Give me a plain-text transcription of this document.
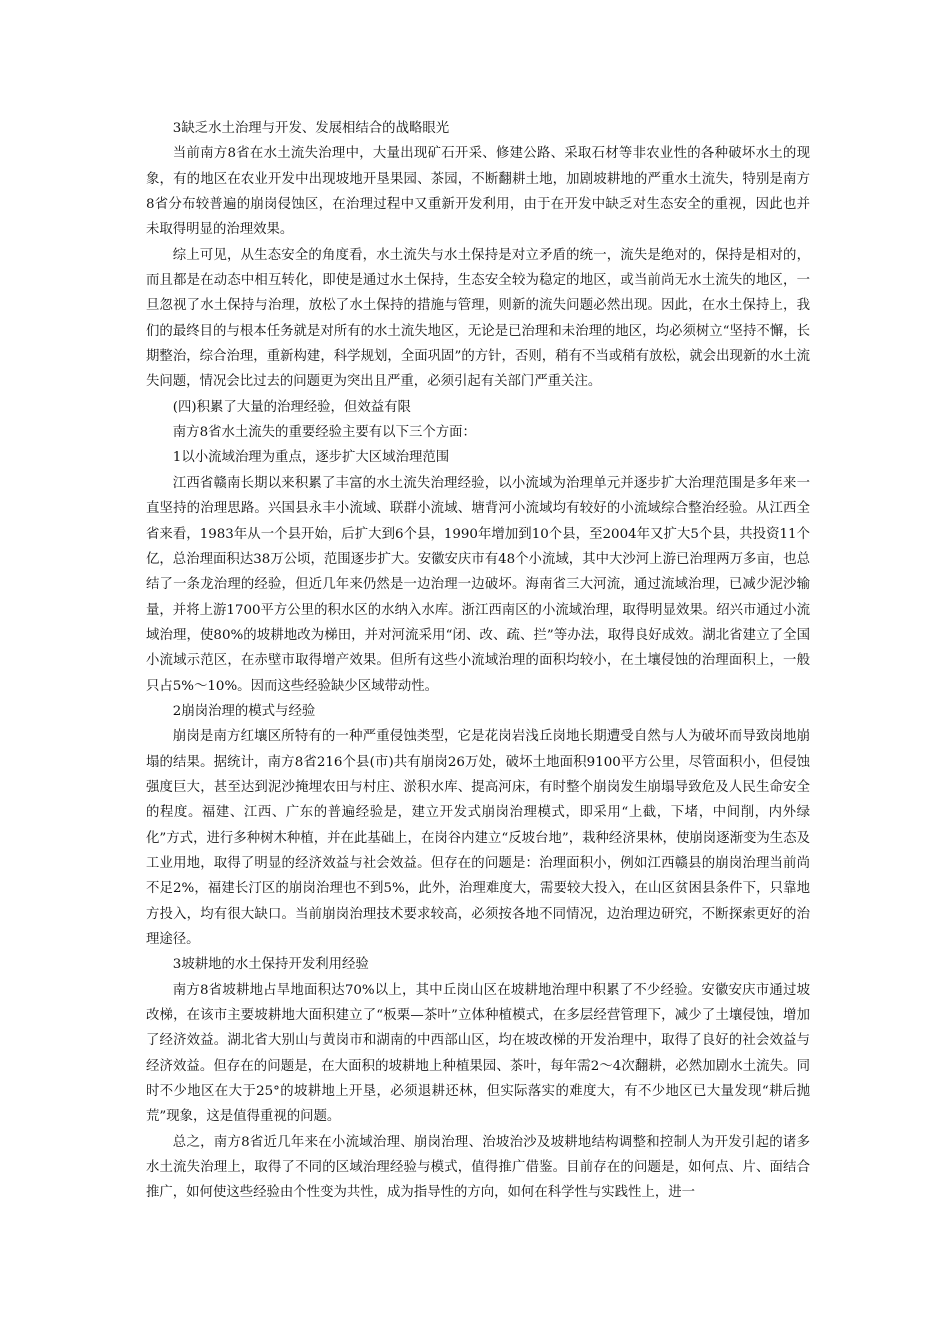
3缺乏水土治理与开发、发展相结合的战略眼光

当前南方8省在水土流失治理中，大量出现矿石开采、修建公路、采取石材等非农业性的各种破坏水土的现象，有的地区在农业开发中出现坡地开垦果园、茶园，不断翻耕土地，加剧坡耕地的严重水土流失，特别是南方8省分布较普遍的崩岗侵蚀区，在治理过程中又重新开发利用，由于在开发中缺乏对生态安全的重视，因此也并未取得明显的治理效果。

综上可见，从生态安全的角度看，水土流失与水土保持是对立矛盾的统一，流失是绝对的，保持是相对的，而且都是在动态中相互转化，即使是通过水土保持，生态安全较为稳定的地区，或当前尚无水土流失的地区，一旦忽视了水土保持与治理，放松了水土保持的措施与管理，则新的流失问题必然出现。因此，在水土保持上，我们的最终目的与根本任务就是对所有的水土流失地区，无论是已治理和未治理的地区，均必须树立“坚持不懈，长期整治，综合治理，重新构建，科学规划，全面巩固”的方针，否则，稍有不当或稍有放松，就会出现新的水土流失问题，情况会比过去的问题更为突出且严重，必须引起有关部门严重关注。

(四)积累了大量的治理经验，但效益有限

南方8省水土流失的重要经验主要有以下三个方面：

1以小流域治理为重点，逐步扩大区域治理范围

江西省赣南长期以来积累了丰富的水土流失治理经验，以小流域为治理单元并逐步扩大治理范围是多年来一直坚持的治理思路。兴国县永丰小流域、联群小流域、塘背河小流域均有较好的小流域综合整治经验。从江西全省来看，1983年从一个县开始，后扩大到6个县，1990年增加到10个县，至2004年又扩大5个县，共投资11个亿，总治理面积达38万公顷，范围逐步扩大。安徽安庆市有48个小流域，其中大沙河上游已治理两万多亩，也总结了一条龙治理的经验，但近几年来仍然是一边治理一边破坏。海南省三大河流，通过流域治理，已减少泥沙输量，并将上游1700平方公里的积水区的水纳入水库。浙江西南区的小流域治理，取得明显效果。绍兴市通过小流域治理，使80%的坡耕地改为梯田，并对河流采用“闭、改、疏、拦”等办法，取得良好成效。湖北省建立了全国小流域示范区，在赤壁市取得增产效果。但所有这些小流域治理的面积均较小，在土壤侵蚀的治理面积上，一般只占5%～10%。因而这些经验缺少区域带动性。

2崩岗治理的模式与经验

崩岗是南方红壤区所特有的一种严重侵蚀类型，它是花岗岩浅丘岗地长期遭受自然与人为破坏而导致岗地崩塌的结果。据统计，南方8省216个县(市)共有崩岗26万处，破坏土地面积9100平方公里，尽管面积小，但侵蚀强度巨大，甚至达到泥沙掩埋农田与村庄、淤积水库、提高河床，有时整个崩岗发生崩塌导致危及人民生命安全的程度。福建、江西、广东的普遍经验是，建立开发式崩岗治理模式，即采用“上截，下堵，中间削，内外绿化”方式，进行多种树木种植，并在此基础上，在岗谷内建立“反坡台地”，栽种经济果林，使崩岗逐渐变为生态及工业用地，取得了明显的经济效益与社会效益。但存在的问题是：治理面积小，例如江西赣县的崩岗治理当前尚不足2%，福建长汀区的崩岗治理也不到5%，此外，治理难度大，需要较大投入，在山区贫困县条件下，只靠地方投入，均有很大缺口。当前崩岗治理技术要求较高，必须按各地不同情况，边治理边研究，不断探索更好的治理途径。

3坡耕地的水土保持开发利用经验

南方8省坡耕地占旱地面积达70%以上，其中丘岗山区在坡耕地治理中积累了不少经验。安徽安庆市通过坡改梯，在该市主要坡耕地大面积建立了“板栗—茶叶”立体种植模式，在多层经营管理下，减少了土壤侵蚀，增加了经济效益。湖北省大别山与黄岗市和湖南的中西部山区，均在坡改梯的开发治理中，取得了良好的社会效益与经济效益。但存在的问题是，在大面积的坡耕地上种植果园、茶叶，每年需2～4次翻耕，必然加剧水土流失。同时不少地区在大于25°的坡耕地上开垦，必须退耕还林，但实际落实的难度大，有不少地区已大量发现“耕后抛荒”现象，这是值得重视的问题。

总之，南方8省近几年来在小流域治理、崩岗治理、治坡治沙及坡耕地结构调整和控制人为开发引起的诸多水土流失治理上，取得了不同的区域治理经验与模式，值得推广借鉴。目前存在的问题是，如何点、片、面结合推广，如何使这些经验由个性变为共性，成为指导性的方向，如何在科学性与实践性上，进一
